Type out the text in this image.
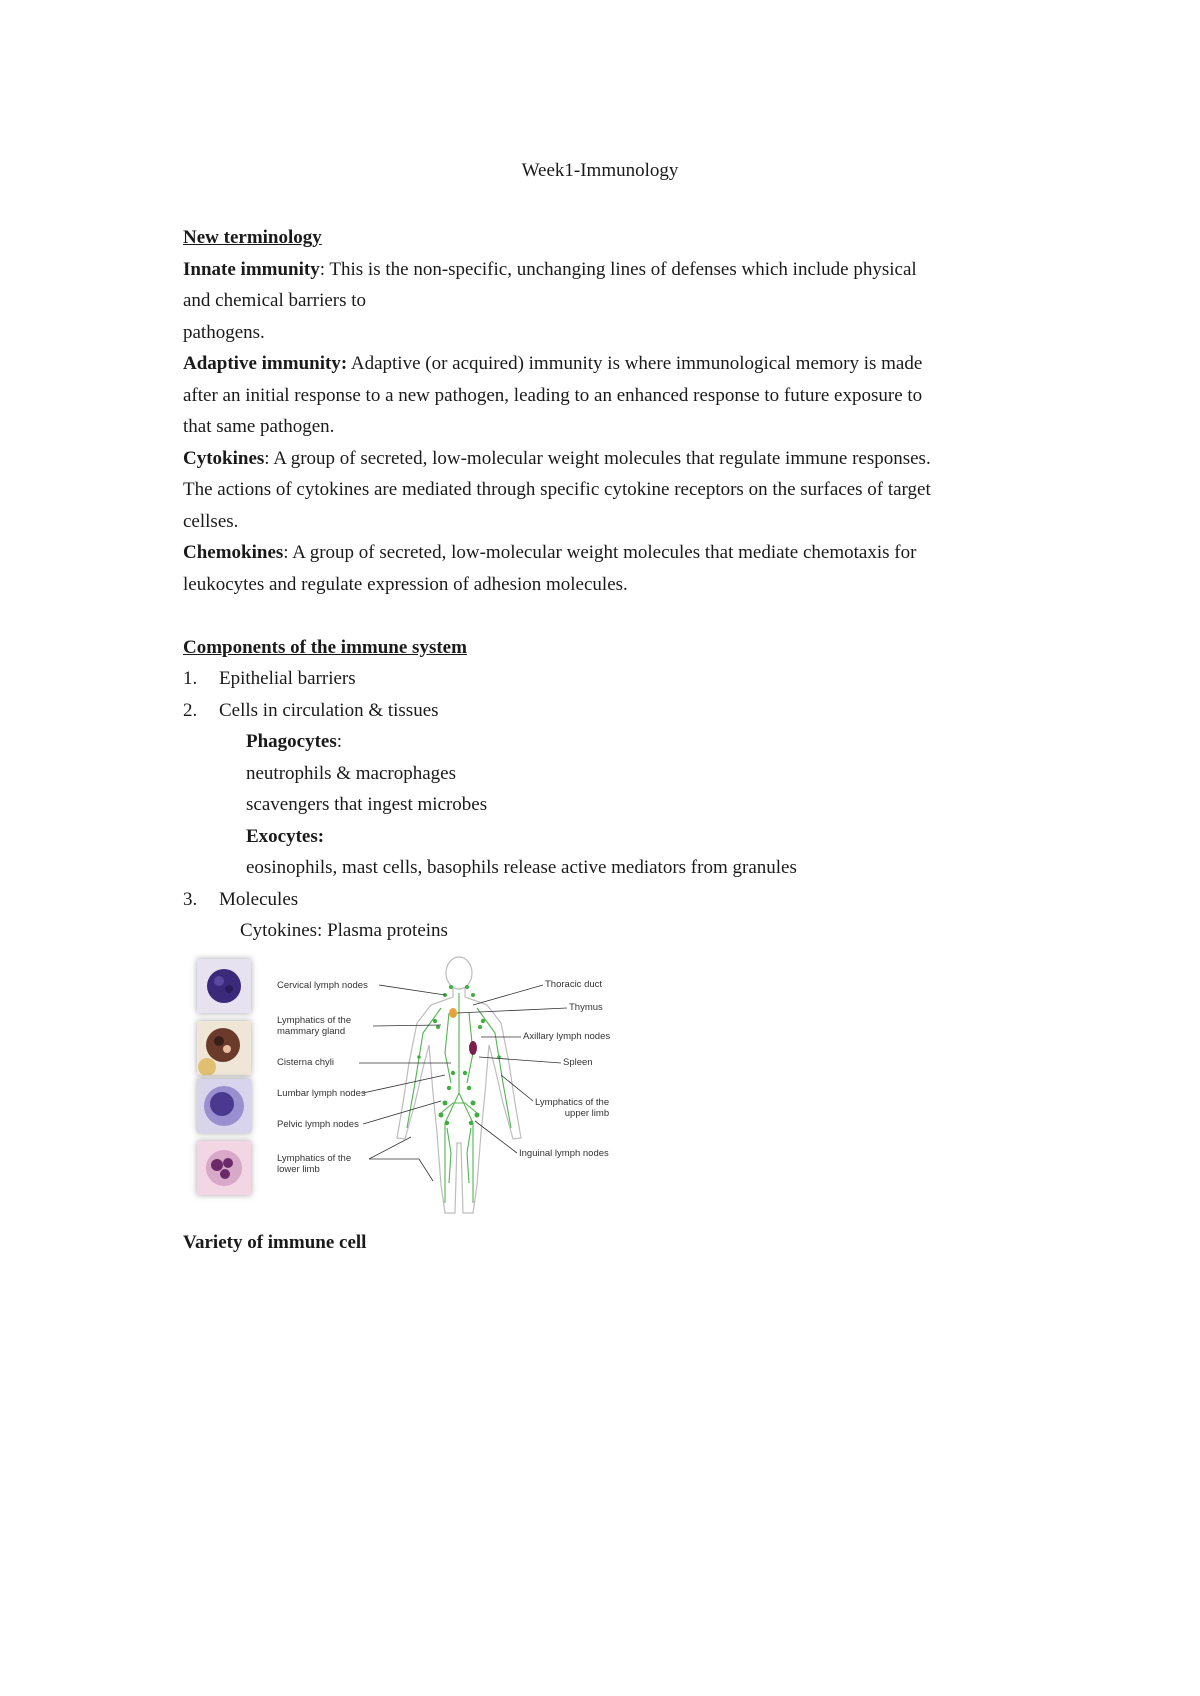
Week1-Immunology
New terminology
Innate immunity: This is the non-specific, unchanging lines of defenses which include physical
and chemical barriers to
pathogens.
Adaptive immunity: Adaptive (or acquired) immunity is where immunological memory is made
after an initial response to a new pathogen, leading to an enhanced response to future exposure to
that same pathogen.
Cytokines: A group of secreted, low-molecular weight molecules that regulate immune responses.
The actions of cytokines are mediated through specific cytokine receptors on the surfaces of target
cellses.
Chemokines: A group of secreted, low-molecular weight molecules that mediate chemotaxis for
leukocytes and regulate expression of adhesion molecules.
Components of the immune system
1.	Epithelial barriers
2.	Cells in circulation & tissues
Phagocytes:
neutrophils & macrophages
scavengers that ingest microbes
Exocytes:
eosinophils, mast cells, basophils release active mediators from granules
3.	Molecules
Cytokines: Plasma proteins
Cervical lymph nodes
Lymphatics of the
mammary gland
Cisterna chyli
Lumbar lymph nodes
Pelvic lymph nodes
Lymphatics of the
lower limb
Thoracic duct
Thymus
Axillary lymph nodes
Spleen
Lymphatics of the
upper limb
Inguinal lymph nodes
Variety of immune cell
